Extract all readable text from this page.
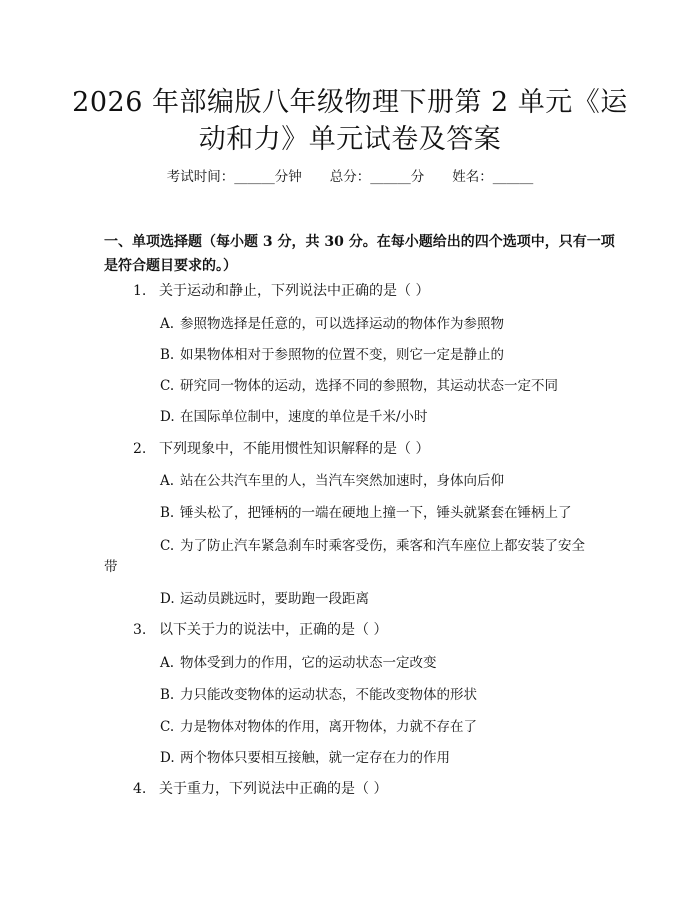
2026 年部编版八年级物理下册第 2 单元《运
动和力》单元试卷及答案
考试时间：______分钟 总分：______分 姓名：______
一、单项选择题（每小题 3 分，共 30 分。在每小题给出的四个选项中，只有一项
是符合题目要求的。）
1. 关于运动和静止，下列说法中正确的是（ ）
A. 参照物选择是任意的，可以选择运动的物体作为参照物
B. 如果物体相对于参照物的位置不变，则它一定是静止的
C. 研究同一物体的运动，选择不同的参照物，其运动状态一定不同
D. 在国际单位制中，速度的单位是千米/小时
2. 下列现象中，不能用惯性知识解释的是（ ）
A. 站在公共汽车里的人，当汽车突然加速时，身体向后仰
B. 锤头松了，把锤柄的一端在硬地上撞一下，锤头就紧套在锤柄上了
C. 为了防止汽车紧急刹车时乘客受伤，乘客和汽车座位上都安装了安全
带
D. 运动员跳远时，要助跑一段距离
3. 以下关于力的说法中，正确的是（ ）
A. 物体受到力的作用，它的运动状态一定改变
B. 力只能改变物体的运动状态，不能改变物体的形状
C. 力是物体对物体的作用，离开物体，力就不存在了
D. 两个物体只要相互接触，就一定存在力的作用
4. 关于重力，下列说法中正确的是（ ）
